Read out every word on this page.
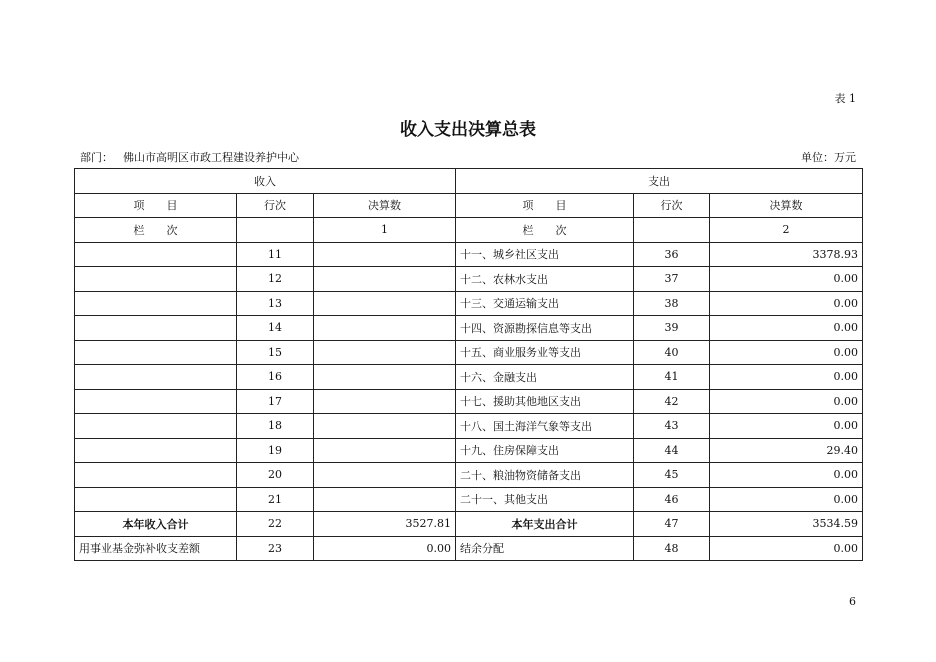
表 1
收入支出决算总表
部门： 佛山市高明区市政工程建设养护中心	单位：万元
收入			支出		
项　　目	行次	决算数	项　　目	行次	决算数
栏　　次		1	栏　　次		2
	11		十一、城乡社区支出	36	3378.93
	12		十二、农林水支出	37	0.00
	13		十三、交通运输支出	38	0.00
	14		十四、资源勘探信息等支出	39	0.00
	15		十五、商业服务业等支出	40	0.00
	16		十六、金融支出	41	0.00
	17		十七、援助其他地区支出	42	0.00
	18		十八、国土海洋气象等支出	43	0.00
	19		十九、住房保障支出	44	29.40
	20		二十、粮油物资储备支出	45	0.00
	21		二十一、其他支出	46	0.00
本年收入合计	22	3527.81	本年支出合计	47	3534.59
用事业基金弥补收支差额	23	0.00	结余分配	48	0.00
6
